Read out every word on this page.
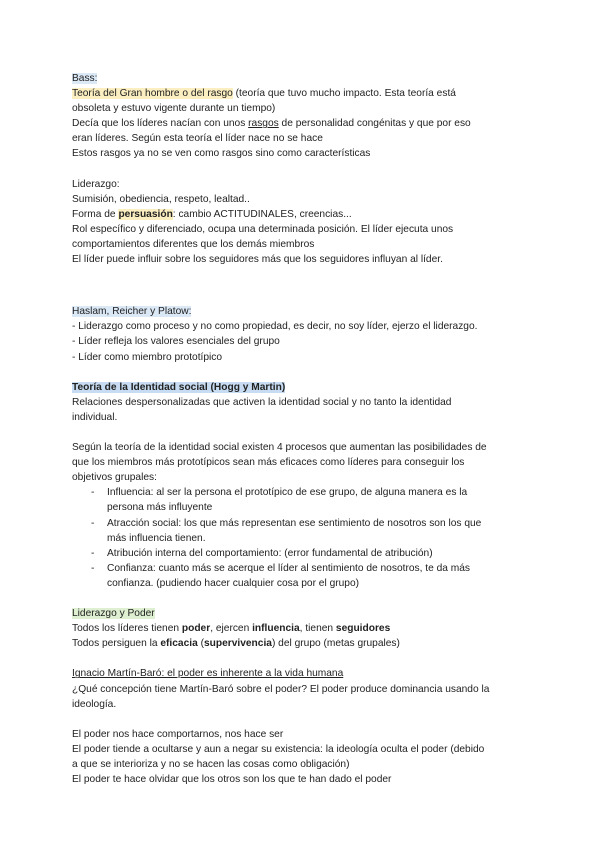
Bass:
Teoría del Gran hombre o del rasgo (teoría que tuvo mucho impacto. Esta teoría está
obsoleta y estuvo vigente durante un tiempo)
Decía que los líderes nacían con unos rasgos de personalidad congénitas y que por eso
eran líderes. Según esta teoría el líder nace no se hace
Estos rasgos ya no se ven como rasgos sino como características
Liderazgo:
Sumisión, obediencia, respeto, lealtad..
Forma de persuasión: cambio ACTITUDINALES, creencias...
Rol específico y diferenciado, ocupa una determinada posición. El líder ejecuta unos
comportamientos diferentes que los demás miembros
El líder puede influir sobre los seguidores más que los seguidores influyan al líder.
Haslam, Reicher y Platow:
- Liderazgo como proceso y no como propiedad, es decir, no soy líder, ejerzo el liderazgo.
- Líder refleja los valores esenciales del grupo
- Líder como miembro prototípico
Teoría de la Identidad social (Hogg y Martin)
Relaciones despersonalizadas que activen la identidad social y no tanto la identidad
individual.
Según la teoría de la identidad social existen 4 procesos que aumentan las posibilidades de
que los miembros más prototípicos sean más eficaces como líderes para conseguir los
objetivos grupales:
- Influencia: al ser la persona el prototípico de ese grupo, de alguna manera es la
persona más influyente
- Atracción social: los que más representan ese sentimiento de nosotros son los que
más influencia tienen.
- Atribución interna del comportamiento: (error fundamental de atribución)
- Confianza: cuanto más se acerque el líder al sentimiento de nosotros, te da más
confianza. (pudiendo hacer cualquier cosa por el grupo)
Liderazgo y Poder
Todos los líderes tienen poder, ejercen influencia, tienen seguidores
Todos persiguen la eficacia (supervivencia) del grupo (metas grupales)
Ignacio Martín-Baró: el poder es inherente a la vida humana
¿Qué concepción tiene Martín-Baró sobre el poder? El poder produce dominancia usando la
ideología.
El poder nos hace comportarnos, nos hace ser
El poder tiende a ocultarse y aun a negar su existencia: la ideología oculta el poder (debido
a que se interioriza y no se hacen las cosas como obligación)
El poder te hace olvidar que los otros son los que te han dado el poder
